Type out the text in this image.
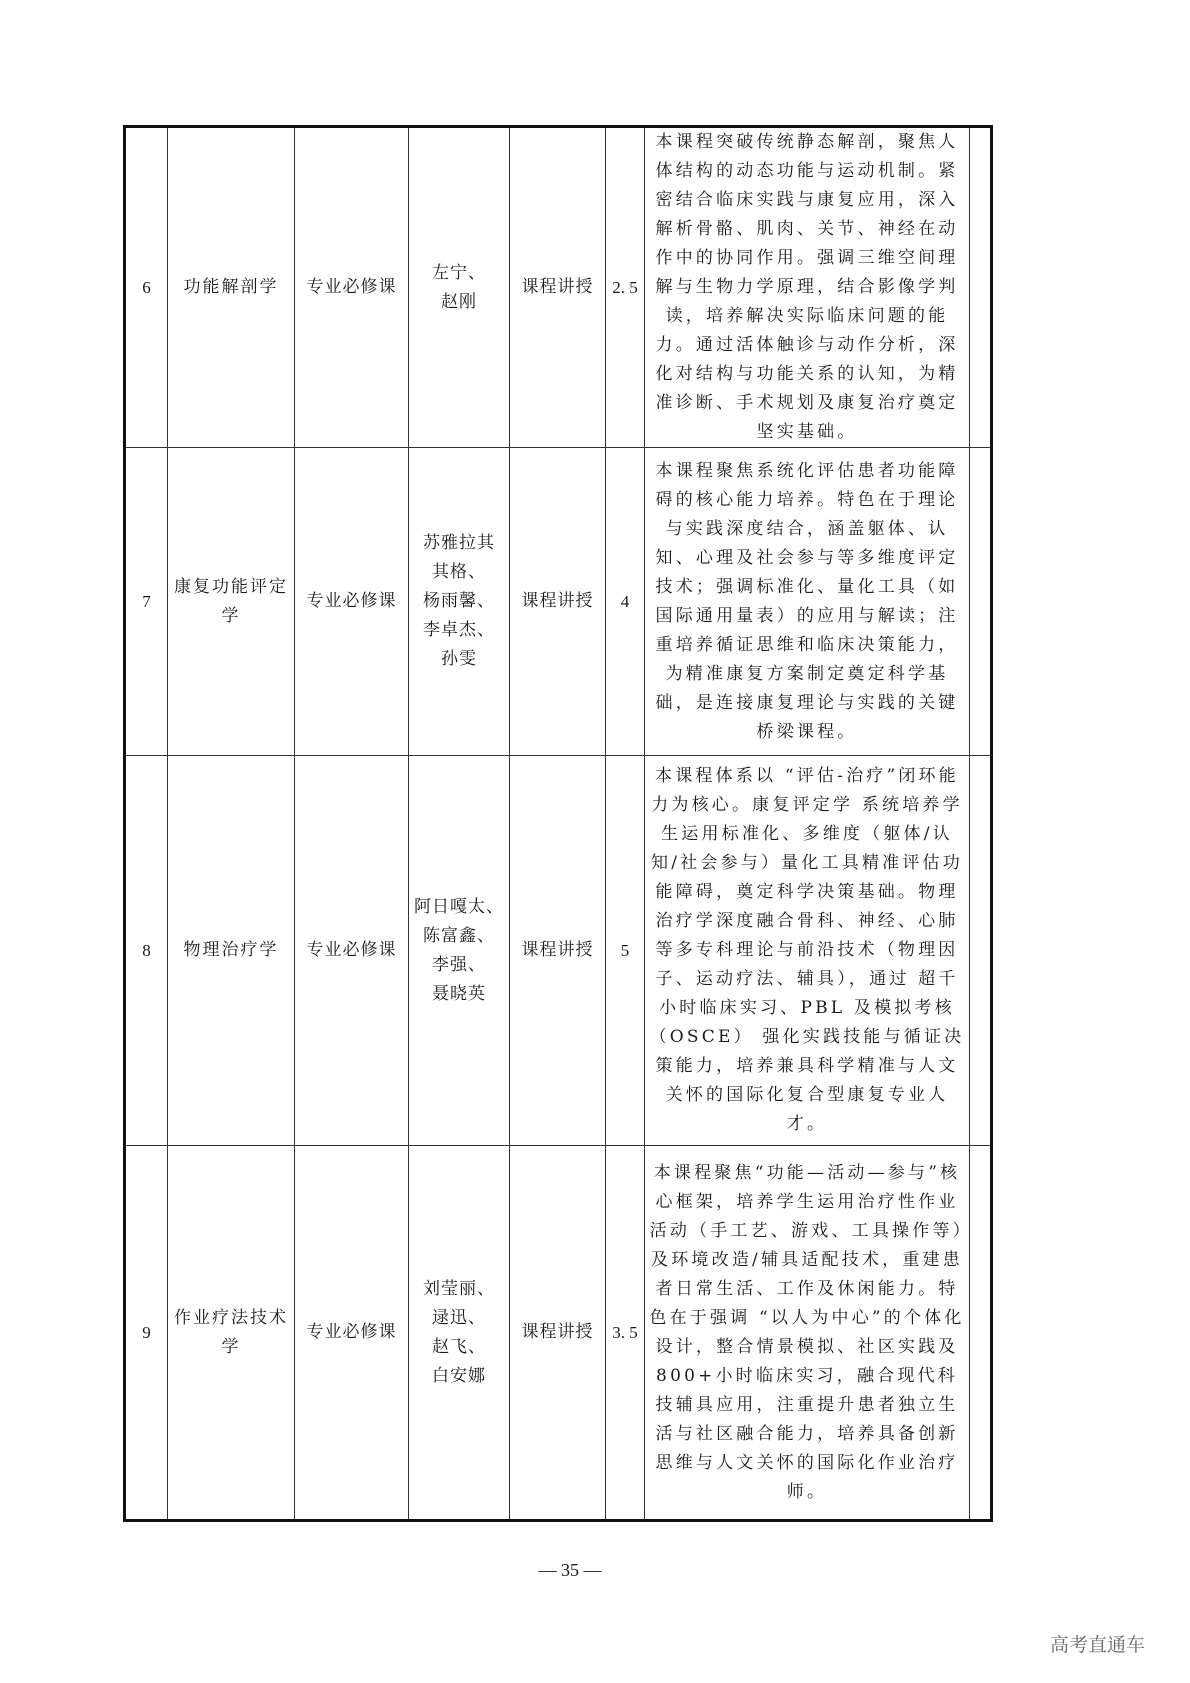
6	功能解剖学	专业必修课	左宁、
赵刚	课程讲授	2. 5	本课程突破传统静态解剖，聚焦人体结构的动态功能与运动机制。紧密结合临床实践与康复应用，深入解析骨骼、肌肉、关节、神经在动作中的协同作用。强调三维空间理解与生物力学原理，结合影像学判读，培养解决实际临床问题的能力。通过活体触诊与动作分析，深化对结构与功能关系的认知，为精准诊断、手术规划及康复治疗奠定坚实基础。	
7	康复功能评定学	专业必修课	苏雅拉其
其格、
杨雨馨、
李卓杰、
孙雯	课程讲授	4	本课程聚焦系统化评估患者功能障碍的核心能力培养。特色在于理论与实践深度结合，涵盖躯体、认知、心理及社会参与等多维度评定技术；强调标准化、量化工具（如国际通用量表）的应用与解读；注重培养循证思维和临床决策能力，为精准康复方案制定奠定科学基础，是连接康复理论与实践的关键桥梁课程。	
8	物理治疗学	专业必修课	阿日嘎太、
陈富鑫、
李强、
聂晓英	课程讲授	5	本课程体系以 “评估-治疗”闭环能力为核心。康复评定学 系统培养学生运用标准化、多维度（躯体/认知/社会参与）量化工具精准评估功能障碍，奠定科学决策基础。物理治疗学深度融合骨科、神经、心肺等多专科理论与前沿技术（物理因子、运动疗法、辅具），通过 超千小时临床实习、PBL 及模拟考核（OSCE） 强化实践技能与循证决策能力，培养兼具科学精准与人文关怀的国际化复合型康复专业人才。	
9	作业疗法技术学	专业必修课	刘莹丽、
逯迅、
赵飞、
白安娜	课程讲授	3. 5	本课程聚焦“功能—活动—参与”核心框架，培养学生运用治疗性作业活动（手工艺、游戏、工具操作等）及环境改造/辅具适配技术，重建患者日常生活、工作及休闲能力。特色在于强调 “以人为中心”的个体化设计，整合情景模拟、社区实践及 800+小时临床实习，融合现代科技辅具应用，注重提升患者独立生活与社区融合能力，培养具备创新思维与人文关怀的国际化作业治疗师。	
— 35 —
高考直通车
